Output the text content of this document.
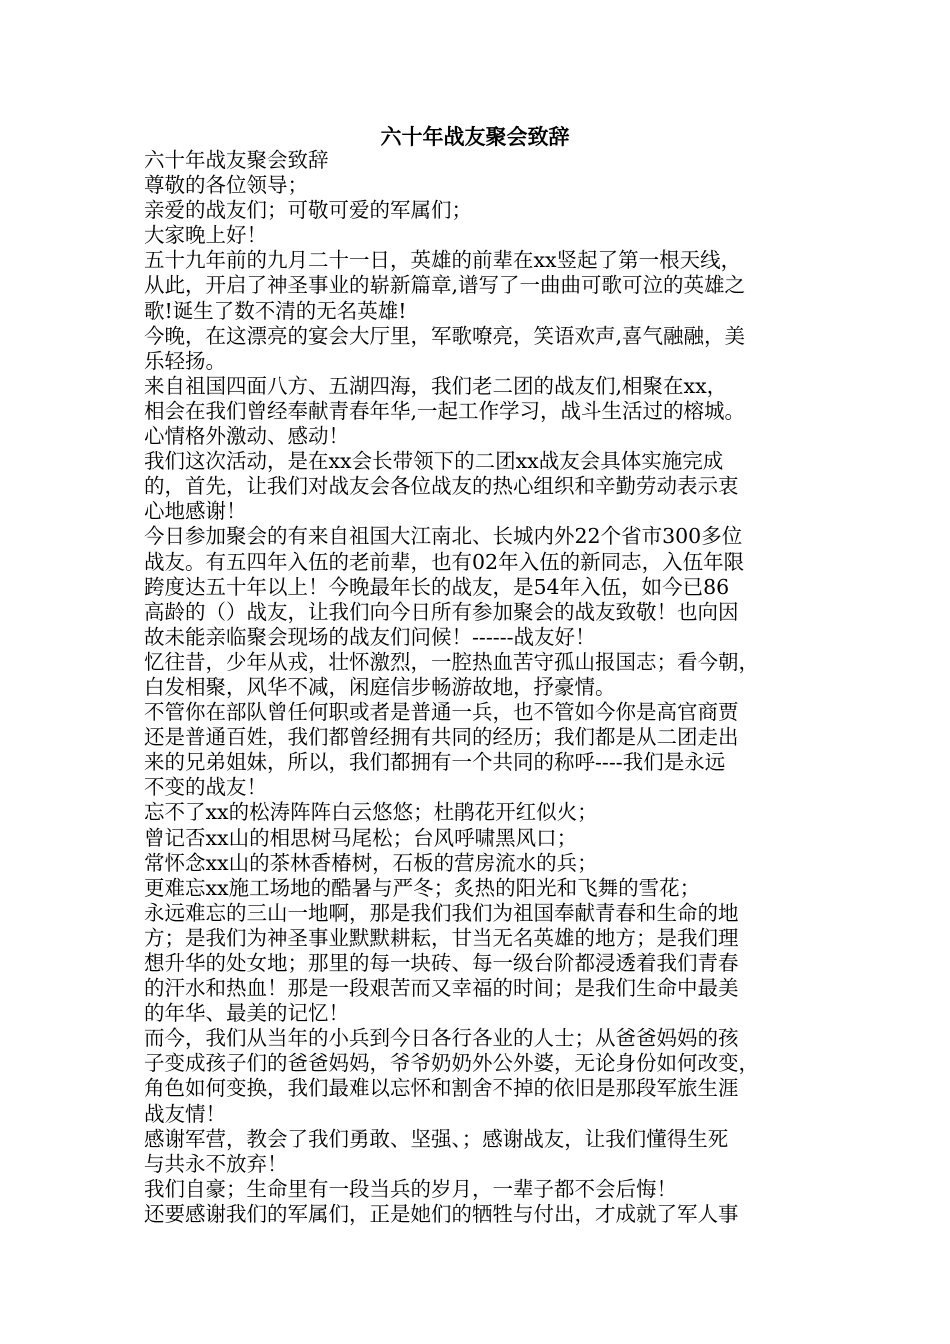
六十年战友聚会致辞
六十年战友聚会致辞
尊敬的各位领导；
亲爱的战友们；可敬可爱的军属们；
大家晚上好！
五十九年前的九月二十一日，英雄的前辈在xx竖起了第一根天线，
从此，开启了神圣事业的崭新篇章,谱写了一曲曲可歌可泣的英雄之
歌!诞生了数不清的无名英雄!
今晚，在这漂亮的宴会大厅里，军歌嘹亮，笑语欢声,喜气融融，美
乐轻扬。
来自祖国四面八方、五湖四海，我们老二团的战友们,相聚在xx，
相会在我们曾经奉献青春年华,一起工作学习，战斗生活过的榕城。
心情格外激动、感动！
我们这次活动，是在xx会长带领下的二团xx战友会具体实施完成
的，首先，让我们对战友会各位战友的热心组织和辛勤劳动表示衷
心地感谢！
今日参加聚会的有来自祖国大江南北、长城内外22个省市300多位
战友。有五四年入伍的老前辈，也有02年入伍的新同志，入伍年限
跨度达五十年以上！今晚最年长的战友，是54年入伍，如今已86
高龄的（）战友，让我们向今日所有参加聚会的战友致敬！也向因
故未能亲临聚会现场的战友们问候！------战友好！
忆往昔，少年从戎，壮怀激烈，一腔热血苦守孤山报国志；看今朝，
白发相聚，风华不减，闲庭信步畅游故地，抒豪情。
不管你在部队曾任何职或者是普通一兵，也不管如今你是高官商贾
还是普通百姓，我们都曾经拥有共同的经历；我们都是从二团走出
来的兄弟姐妹，所以，我们都拥有一个共同的称呼----我们是永远
不变的战友！
忘不了xx的松涛阵阵白云悠悠；杜鹃花开红似火；
曾记否xx山的相思树马尾松；台风呼啸黑风口；
常怀念xx山的茶林香椿树，石板的营房流水的兵；
更难忘xx施工场地的酷暑与严冬；炙热的阳光和飞舞的雪花；
永远难忘的三山一地啊，那是我们我们为祖国奉献青春和生命的地
方；是我们为神圣事业默默耕耘，甘当无名英雄的地方；是我们理
想升华的处女地；那里的每一块砖、每一级台阶都浸透着我们青春
的汗水和热血！那是一段艰苦而又幸福的时间；是我们生命中最美
的年华、最美的记忆！
而今，我们从当年的小兵到今日各行各业的人士；从爸爸妈妈的孩
子变成孩子们的爸爸妈妈，爷爷奶奶外公外婆，无论身份如何改变，
角色如何变换，我们最难以忘怀和割舍不掉的依旧是那段军旅生涯
战友情！
感谢军营，教会了我们勇敢、坚强、；感谢战友，让我们懂得生死
与共永不放弃！
我们自豪；生命里有一段当兵的岁月，一辈子都不会后悔！
还要感谢我们的军属们，正是她们的牺牲与付出，才成就了军人事
